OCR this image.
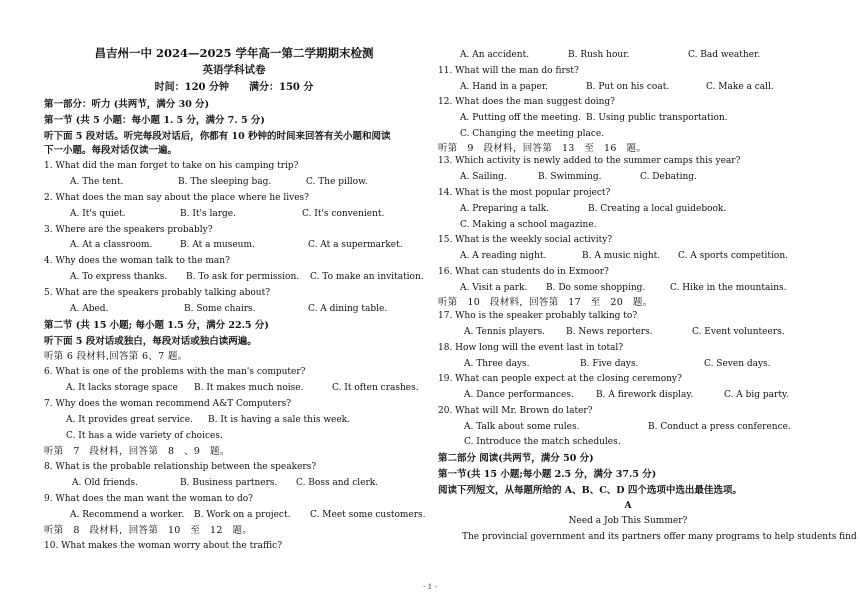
昌吉州一中 2024—2025 学年高一第二学期期末检测
英语学科试卷
时间：120 分钟　　满分：150 分
第一部分：听力 (共两节，满分 30 分)
第一节 (共 5 小题：每小题 1. 5 分，满分 7. 5 分)
听下面 5 段对话。听完每段对话后，你都有 10 秒钟的时间来回答有关小题和阅读
下一小题。每段对话仅读一遍。
1. What did the man forget to take on his camping trip?
A. The tent.	B. The sleeping bag.	C. The pillow.
2. What does the man say about the place where he lives?
A. It's quiet.	B. It's large.	C. It's convenient.
3. Where are the speakers probably?
A. At a classroom.	B. At a museum.	C. At a supermarket.
4. Why does the woman talk to the man?
A. To express thanks. B. To ask for permission. C. To make an invitation.
5. What are the speakers probably talking about?
A. Abed.	B. Some chairs.	C. A dining table.
第二节 (共 15 小题; 每小题 1.5 分，满分 22.5 分)
听下面 5 段对话或独白，每段对话或独白读两遍。
听第 6 段材料,回答第 6、7 题。
6. What is one of the problems with the man's computer?
A. It lacks storage space B. It makes much noise.	C. It often crashes.
7. Why does the woman recommend A&T Computers?
A. It provides great service. B. It is having a sale this week.
C. It has a wide variety of choices.
听第　7　段材料，回答第　8　、9　题。
8. What is the probable relationship between the speakers?
A. Old friends.	B. Business partners. C. Boss and clerk.
9. What does the man want the woman to do?
A. Recommend a worker. B. Work on a project. C. Meet some customers.
听第　8　段材料，回答第　10　至　12　题。
10. What makes the woman worry about the traffic?
A. An accident.	B. Rush hour.	C. Bad weather.
11. What will the man do first?
A. Hand in a paper.	B. Put on his coat.	C. Make a call.
12. What does the man suggest doing?
A. Putting off the meeting. B. Using public transportation.
C. Changing the meeting place.
听第　9　段材料，回答第　13　至　16　题。
13. Which activity is newly added to the summer camps this year?
A. Sailing.	B. Swimming.	C. Debating.
14. What is the most popular project?
A. Preparing a talk.	B. Creating a local guidebook.
C. Making a school magazine.
15. What is the weekly social activity?
A. A reading night.	B. A music night. C. A sports competition.
16. What can students do in Exmoor?
A. Visit a park. B. Do some shopping.	C. Hike in the mountains.
听第　10　段材料，回答第　17　至　20　题。
17. Who is the speaker probably talking to?
A. Tennis players. B. News reporters.	C. Event volunteers.
18. How long will the event last in total?
A. Three days.	B. Five days.	C. Seven days.
19. What can people expect at the closing ceremony?
A. Dance performances. B. A firework display.	C. A big party.
20. What will Mr. Brown do later?
A. Talk about some rules.	B. Conduct a press conference.
C. Introduce the match schedules.
第二部分 阅读(共两节，满分 50 分)
第一节(共 15 小题;每小题 2.5 分，满分 37.5 分)
阅读下列短文，从每题所给的 A、B、C、D 四个选项中选出最佳选项。
A
Need a Job This Summer?
The provincial government and its partners offer many programs to help students find
- 1 -
